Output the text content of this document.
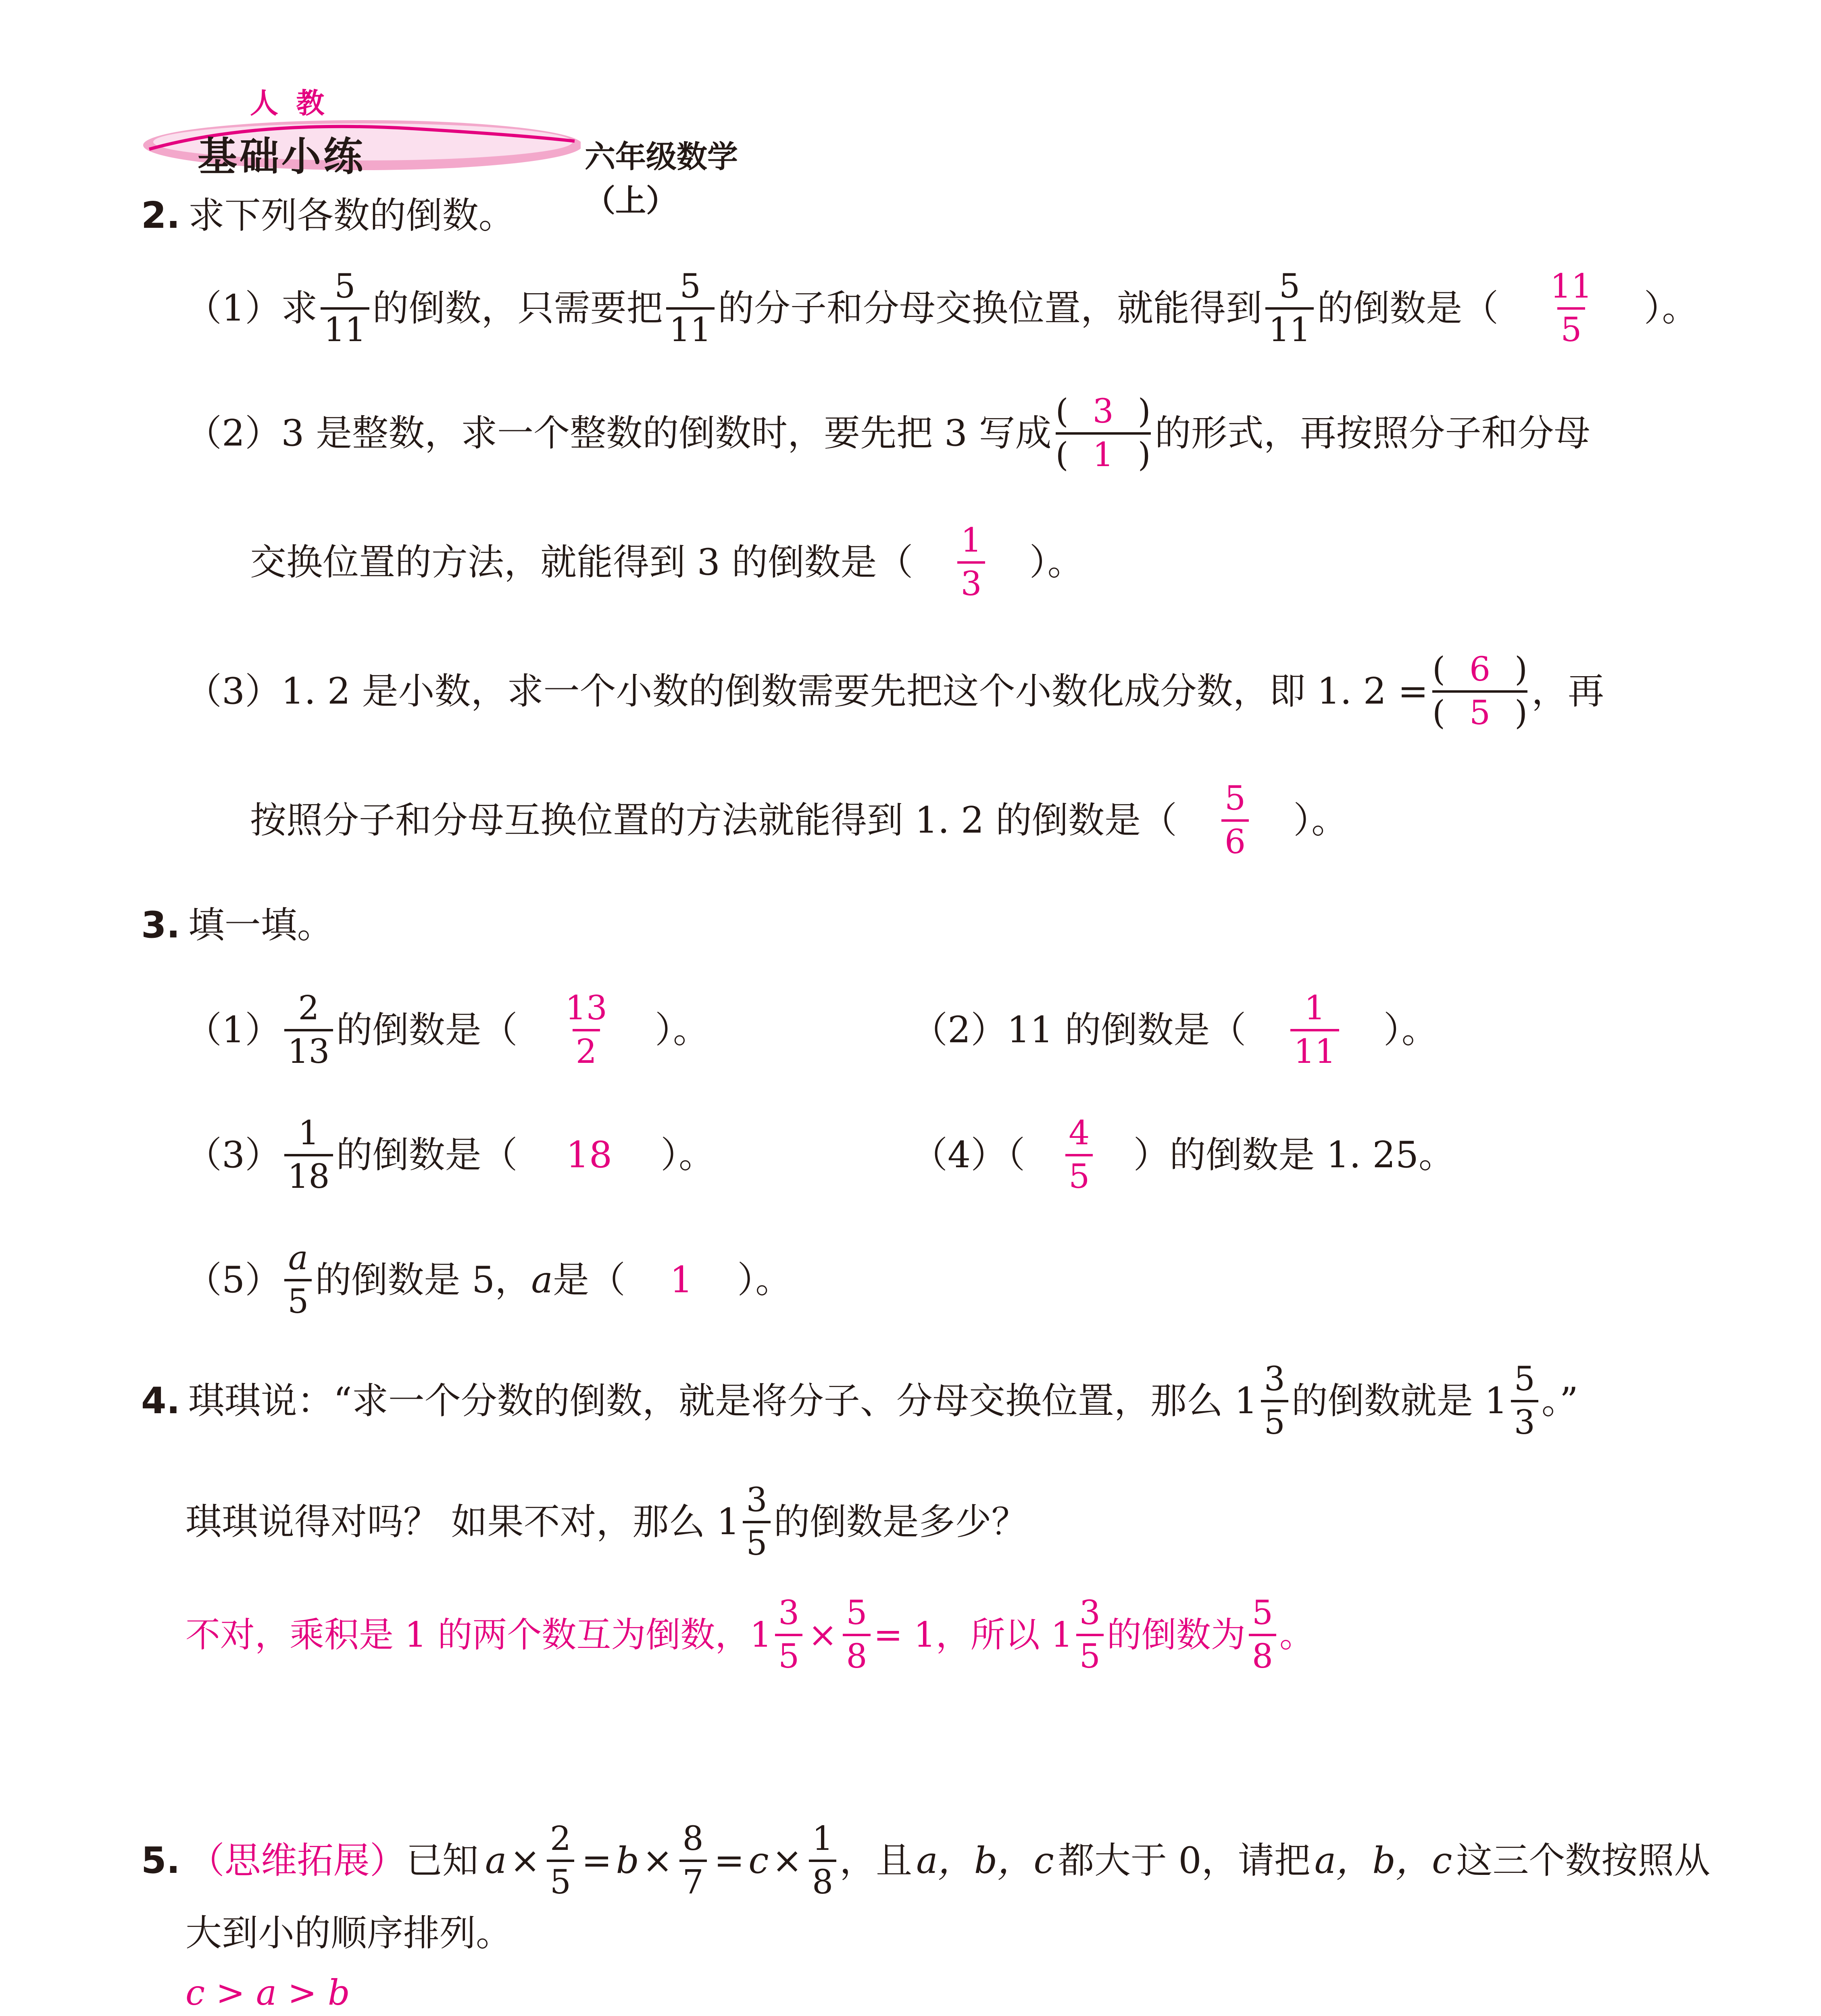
人 教
基础小练	六年级数学（上）
2. 求下列各数的倒数。
（1） 求 $\frac{5}{11}$ 的倒数，只需要把 $\frac{5}{11}$ 的分子和分母交换位置，就能得到 $\frac{5}{11}$ 的倒数是（ $\frac{11}{5}$ ）。
（2） 3 是整数，求一个整数的倒数时，要先把 3 写成
( 3 )
( 1 )
的形式，再按照分子和分母
交换位置的方法，就能得到 3 的倒数是（ $\frac{1}{3}$ ）。
（3） 1. 2 是小数，求一个小数的倒数需要先把这个小数化成分数，即 1. $2 = \frac{( 6 )}{( 5 )}$ ，再
按照分子和分母互换位置的方法就能得到 1. 2 的倒数是（ $\frac{5}{6}$ ）。
3. 填一填。
$(1) \frac{2}{13}$ 的倒数是（ $\frac{13}{2}$ ）。	（2） 11 的倒数是（ $\frac{1}{11}$ ）。
$(3) \frac{1}{18}$ 的倒数是（ 18 ）。	$(4)( \frac{4}{5}$ ）的倒数是 1. 25。
$(5) \frac{a}{5}$ 的倒数是 5， a 是（ 1 ）。
4. 琪琪说：“求一个分数的倒数，就是将分子、分母交换位置，那么 $1 \frac{3}{5}$ 的倒数就是 $1 \frac{5}{3}$ 。”
琪琪说得对吗？ 如果不对，那么 $1 \frac{3}{5}$ 的倒数是多少？
不对，乘积是 1 的两个数互为倒数，$1 \frac{3}{5} \times \frac{5}{8} = 1$，所以 $1 \frac{3}{5}$ 的倒数为 $\frac{5}{8}$ 。
5. （思维拓展） 已知 $a \times \frac{2}{5} = b \times \frac{8}{7} = c \times \frac{1}{8}$ ，且 a，b，c 都大于 0，请把 a，b，c 这三个数按照从
大到小的顺序排列。
c > a > b
